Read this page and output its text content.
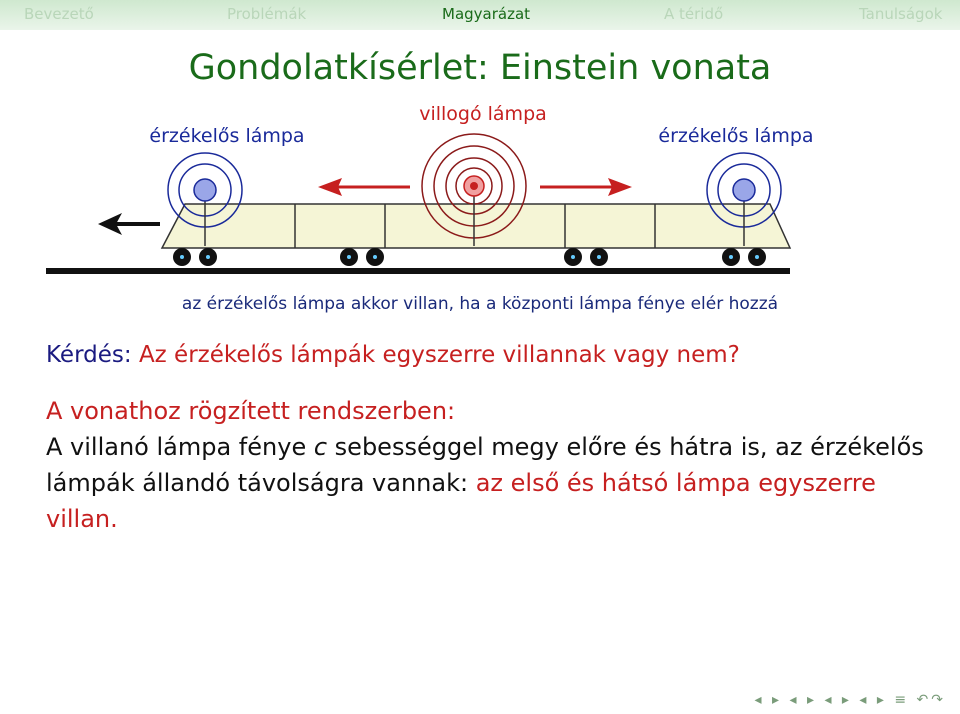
Bevezető	Problémák	Magyarázat	A téridő	Tanulságok
Gondolatkísérlet: Einstein vonata
érzékelős lámpa
villogó lámpa
érzékelős lámpa
az érzékelős lámpa akkor villan, ha a központi lámpa fénye elér hozzá
Kérdés: Az érzékelős lámpák egyszerre villannak vagy nem?
A vonathoz rögzített rendszerben:
A villanó lámpa fénye c sebességgel megy előre és hátra is, az érzékelős lámpák állandó távolságra vannak: az első és hátsó lámpa egyszerre villan.
◂ ▸ ◂ ▸ ◂ ▸ ◂ ▸ ≡ ↶↷
